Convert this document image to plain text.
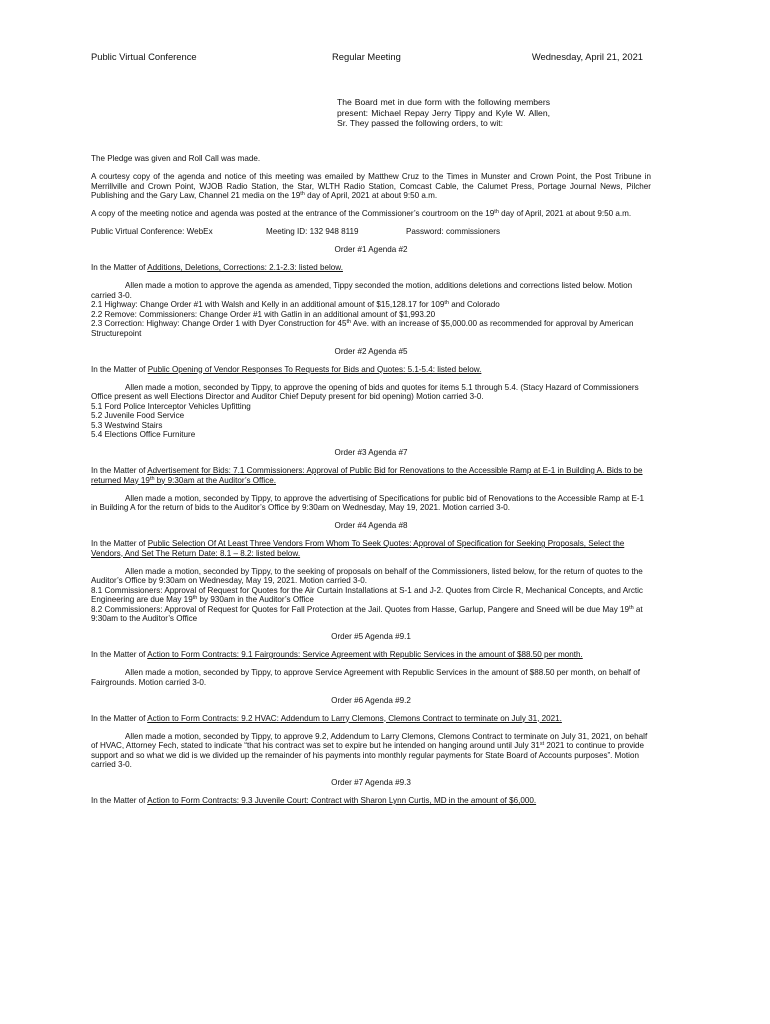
Public Virtual Conference	Regular Meeting	Wednesday, April 21, 2021
The Board met in due form with the following members present: Michael Repay Jerry Tippy and Kyle W. Allen, Sr. They passed the following orders, to wit:

The Pledge was given and Roll Call was made.

A courtesy copy of the agenda and notice of this meeting was emailed by Matthew Cruz to the Times in Munster and Crown Point, the Post Tribune in Merrillville and Crown Point, WJOB Radio Station, the Star, WLTH Radio Station, Comcast Cable, the Calumet Press, Portage Journal News, Pilcher Publishing and the Gary Law, Channel 21 media on the 19th day of April, 2021 at about 9:50 a.m.

A copy of the meeting notice and agenda was posted at the entrance of the Commissioner’s courtroom on the 19th day of April, 2021 at about 9:50 a.m.

Public Virtual Conference: WebEx	Meeting ID: 132 948 8119	Password: commissioners

Order #1 Agenda #2

In the Matter of Additions, Deletions, Corrections: 2.1-2.3: listed below.

Allen made a motion to approve the agenda as amended, Tippy seconded the motion, additions deletions and corrections listed below. Motion carried 3-0.
2.1 Highway: Change Order #1 with Walsh and Kelly in an additional amount of $15,128.17 for 109th and Colorado
2.2 Remove: Commissioners: Change Order #1 with Gatlin in an additional amount of $1,993.20
2.3 Correction: Highway: Change Order 1 with Dyer Construction for 45th Ave. with an increase of $5,000.00 as recommended for approval by American Structurepoint

Order #2 Agenda #5

In the Matter of Public Opening of Vendor Responses To Requests for Bids and Quotes: 5.1-5.4: listed below.

Allen made a motion, seconded by Tippy, to approve the opening of bids and quotes for items 5.1 through 5.4. (Stacy Hazard of Commissioners Office present as well Elections Director and Auditor Chief Deputy present for bid opening) Motion carried 3-0.
5.1 Ford Police Interceptor Vehicles Upfitting
5.2 Juvenile Food Service
5.3 Westwind Stairs
5.4 Elections Office Furniture

Order #3 Agenda #7

In the Matter of Advertisement for Bids: 7.1 Commissioners: Approval of Public Bid for Renovations to the Accessible Ramp at E-1 in Building A. Bids to be returned May 19th by 9:30am at the Auditor’s Office.

Allen made a motion, seconded by Tippy, to approve the advertising of Specifications for public bid of Renovations to the Accessible Ramp at E-1 in Building A for the return of bids to the Auditor’s Office by 9:30am on Wednesday, May 19, 2021. Motion carried 3-0.

Order #4 Agenda #8

In the Matter of Public Selection Of At Least Three Vendors From Whom To Seek Quotes: Approval of Specification for Seeking Proposals, Select the Vendors, And Set The Return Date: 8.1 – 8.2: listed below.

Allen made a motion, seconded by Tippy, to the seeking of proposals on behalf of the Commissioners, listed below, for the return of quotes to the Auditor’s Office by 9:30am on Wednesday, May 19, 2021. Motion carried 3-0.
8.1 Commissioners: Approval of Request for Quotes for the Air Curtain Installations at S-1 and J-2. Quotes from Circle R, Mechanical Concepts, and Arctic Engineering are due May 19th by 930am in the Auditor’s Office
8.2 Commissioners: Approval of Request for Quotes for Fall Protection at the Jail. Quotes from Hasse, Garlup, Pangere and Sneed will be due May 19th at 9:30am to the Auditor’s Office

Order #5 Agenda #9.1

In the Matter of Action to Form Contracts: 9.1 Fairgrounds: Service Agreement with Republic Services in the amount of $88.50 per month.

Allen made a motion, seconded by Tippy, to approve Service Agreement with Republic Services in the amount of $88.50 per month, on behalf of Fairgrounds. Motion carried 3-0.

Order #6 Agenda #9.2

In the Matter of Action to Form Contracts: 9.2 HVAC: Addendum to Larry Clemons, Clemons Contract to terminate on July 31, 2021.

Allen made a motion, seconded by Tippy, to approve 9.2, Addendum to Larry Clemons, Clemons Contract to terminate on July 31, 2021, on behalf of HVAC, Attorney Fech, stated to indicate “that his contract was set to expire but he intended on hanging around until July 31st 2021 to continue to provide support and so what we did is we divided up the remainder of his payments into monthly regular payments for State Board of Accounts purposes”. Motion carried 3-0.

Order #7 Agenda #9.3

In the Matter of Action to Form Contracts: 9.3 Juvenile Court: Contract with Sharon Lynn Curtis, MD in the amount of $6,000.
